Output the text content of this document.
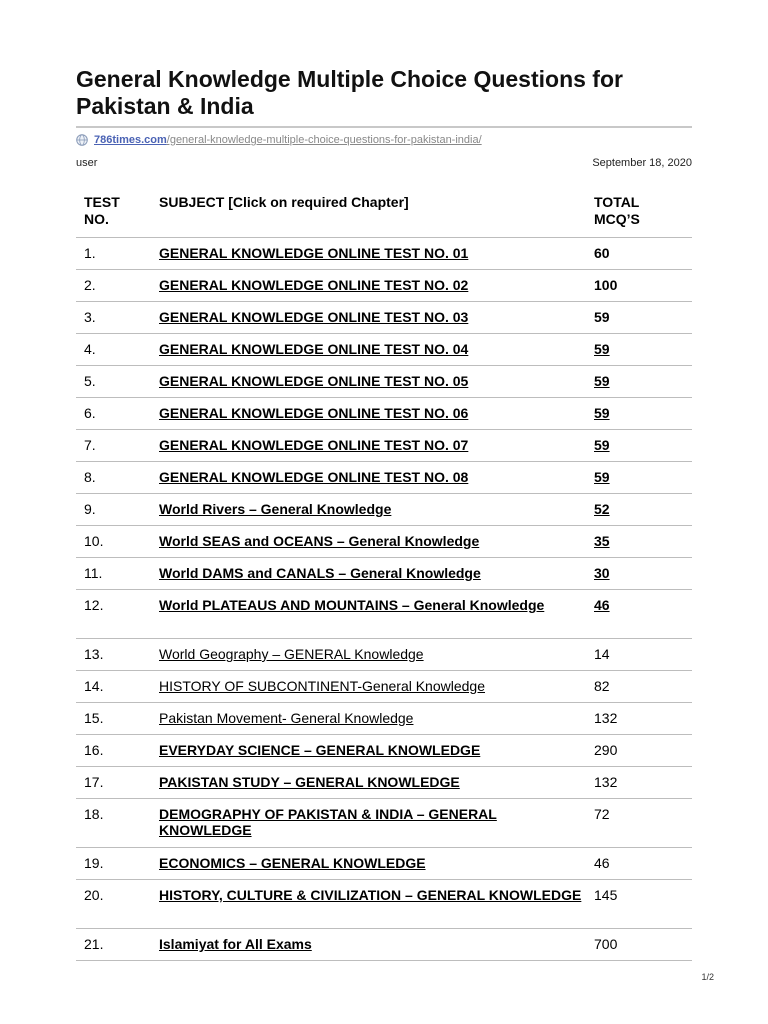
General Knowledge Multiple Choice Questions for Pakistan & India
786times.com /general-knowledge-multiple-choice-questions-for-pakistan-india/
user	September 18, 2020
TEST NO.	SUBJECT [Click on required Chapter]	TOTAL MCQ’S
1.	GENERAL KNOWLEDGE ONLINE TEST NO. 01	60
2.	GENERAL KNOWLEDGE ONLINE TEST NO. 02	100
3.	GENERAL KNOWLEDGE ONLINE TEST NO. 03	59
4.	GENERAL KNOWLEDGE ONLINE TEST NO. 04	59
5.	GENERAL KNOWLEDGE ONLINE TEST NO. 05	59
6.	GENERAL KNOWLEDGE ONLINE TEST NO. 06	59
7.	GENERAL KNOWLEDGE ONLINE TEST NO. 07	59
8.	GENERAL KNOWLEDGE ONLINE TEST NO. 08	59
9.	World Rivers – General Knowledge	52
10.	World SEAS and OCEANS – General Knowledge	35
11.	World DAMS and CANALS – General Knowledge	30
12.	World PLATEAUS AND MOUNTAINS – General Knowledge	46
13.	World Geography – GENERAL Knowledge	14
14.	HISTORY OF SUBCONTINENT-General Knowledge	82
15.	Pakistan Movement- General Knowledge	132
16.	EVERYDAY SCIENCE – GENERAL KNOWLEDGE	290
17.	PAKISTAN STUDY – GENERAL KNOWLEDGE	132
18.	DEMOGRAPHY OF PAKISTAN & INDIA – GENERAL KNOWLEDGE	72
19.	ECONOMICS – GENERAL KNOWLEDGE	46
20.	HISTORY, CULTURE & CIVILIZATION – GENERAL KNOWLEDGE	145
21.	Islamiyat for All Exams	700
1/2
